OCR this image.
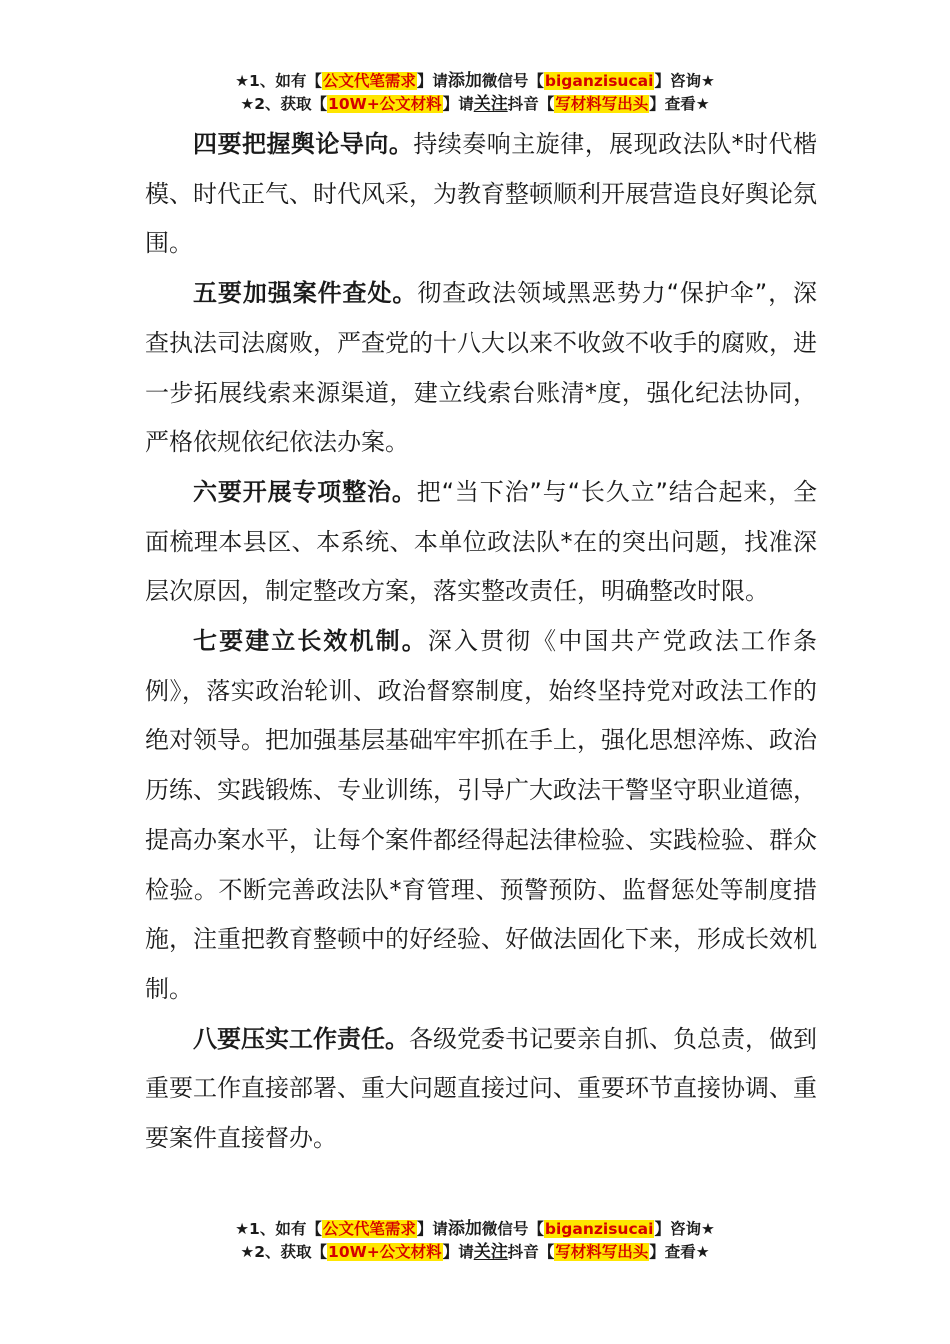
★1、如有【公文代笔需求】请添加微信号【biganzisucai】咨询★
★2、获取【10W+公文材料】请关注抖音【写材料写出头】查看★

四要把握舆论导向。持续奏响主旋律，展现政法队*时代楷模、时代正气、时代风采，为教育整顿顺利开展营造良好舆论氛围。

五要加强案件查处。彻查政法领域黑恶势力“保护伞”，深查执法司法腐败，严查党的十八大以来不收敛不收手的腐败，进一步拓展线索来源渠道，建立线索台账清*度，强化纪法协同，严格依规依纪依法办案。

六要开展专项整治。把“当下治”与“长久立”结合起来，全面梳理本县区、本系统、本单位政法队*在的突出问题，找准深层次原因，制定整改方案，落实整改责任，明确整改时限。

七要建立长效机制。深入贯彻《中国共产党政法工作条例》，落实政治轮训、政治督察制度，始终坚持党对政法工作的绝对领导。把加强基层基础牢牢抓在手上，强化思想淬炼、政治历练、实践锻炼、专业训练，引导广大政法干警坚守职业道德，提高办案水平，让每个案件都经得起法律检验、实践检验、群众检验。不断完善政法队*育管理、预警预防、监督惩处等制度措施，注重把教育整顿中的好经验、好做法固化下来，形成长效机制。

八要压实工作责任。各级党委书记要亲自抓、负总责，做到重要工作直接部署、重大问题直接过问、重要环节直接协调、重要案件直接督办。

★1、如有【公文代笔需求】请添加微信号【biganzisucai】咨询★
★2、获取【10W+公文材料】请关注抖音【写材料写出头】查看★
